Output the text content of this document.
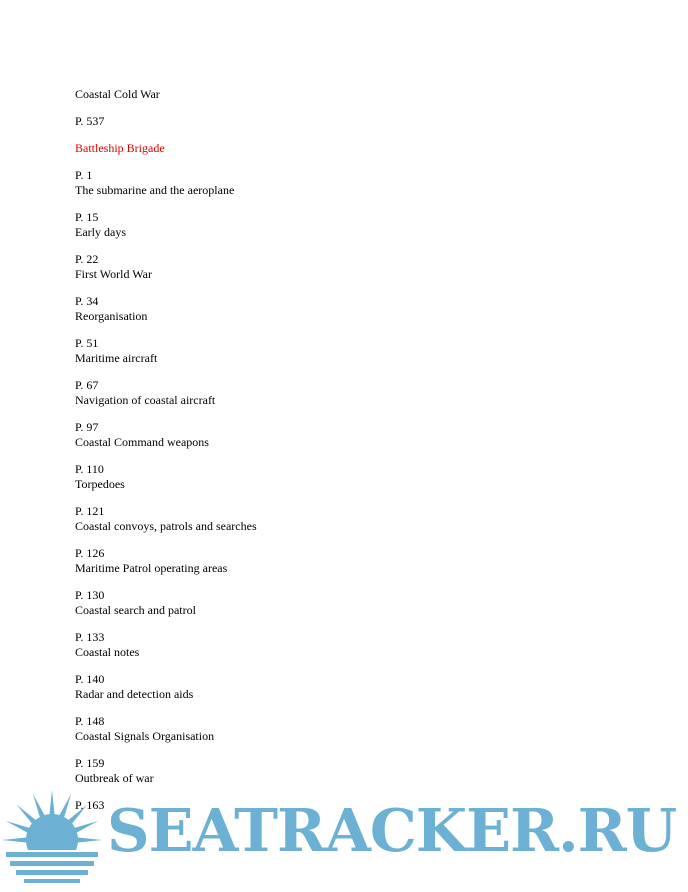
Coastal Cold War
P. 537
Battleship Brigade
P. 1
The submarine and the aeroplane
P. 15
Early days
P. 22
First World War
P. 34
Reorganisation
P. 51
Maritime aircraft
P. 67
Navigation of coastal aircraft
P. 97
Coastal Command weapons
P. 110
Torpedoes
P. 121
Coastal convoys, patrols and searches
P. 126
Maritime Patrol operating areas
P. 130
Coastal search and patrol
P. 133
Coastal notes
P. 140
Radar and detection aids
P. 148
Coastal Signals Organisation
P. 159
Outbreak of war
P. 163 SEATRACKER.RU
